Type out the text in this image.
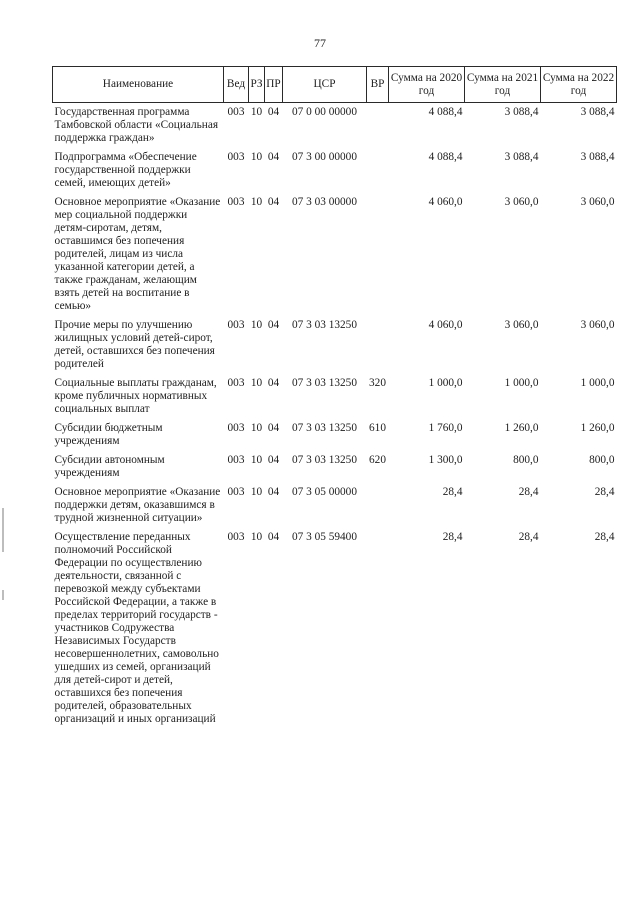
77
Наименование	Вед	РЗ	ПР	ЦСР	ВР	Сумма на 2020 год	Сумма на 2021 год	Сумма на 2022 год
Государственная программа Тамбовской области «Социальная поддержка граждан»	003	10	04	07 0 00 00000		4 088,4	3 088,4	3 088,4
Подпрограмма «Обеспечение государственной поддержки семей, имеющих детей»	003	10	04	07 3 00 00000		4 088,4	3 088,4	3 088,4
Основное мероприятие «Оказание мер социальной поддержки детям-сиротам, детям, оставшимся без попечения родителей, лицам из числа указанной категории детей, а также гражданам, желающим взять детей на воспитание в семью»	003	10	04	07 3 03 00000		4 060,0	3 060,0	3 060,0
Прочие меры по улучшению жилищных условий детей-сирот, детей, оставшихся без попечения родителей	003	10	04	07 3 03 13250		4 060,0	3 060,0	3 060,0
Социальные выплаты гражданам, кроме публичных нормативных социальных выплат	003	10	04	07 3 03 13250	320	1 000,0	1 000,0	1 000,0
Субсидии бюджетным учреждениям	003	10	04	07 3 03 13250	610	1 760,0	1 260,0	1 260,0
Субсидии автономным учреждениям	003	10	04	07 3 03 13250	620	1 300,0	800,0	800,0
Основное мероприятие «Оказание поддержки детям, оказавшимся в трудной жизненной ситуации»	003	10	04	07 3 05 00000		28,4	28,4	28,4
Осуществление переданных полномочий Российской Федерации по осуществлению деятельности, связанной с перевозкой между субъектами Российской Федерации, а также в пределах территорий государств - участников Содружества Независимых Государств несовершеннолетних, самовольно ушедших из семей, организаций для детей-сирот и детей, оставшихся без попечения родителей, образовательных организаций и иных организаций	003	10	04	07 3 05 59400		28,4	28,4	28,4
